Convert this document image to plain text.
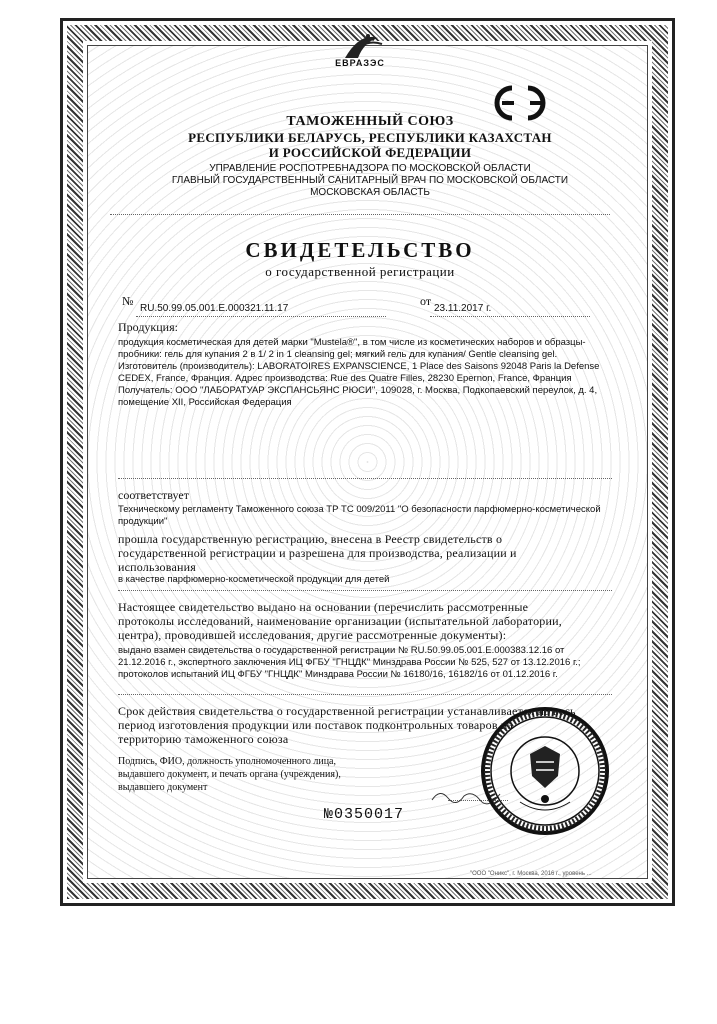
ЕВРАЗЭС
ТАМОЖЕННЫЙ СОЮЗ
РЕСПУБЛИКИ БЕЛАРУСЬ, РЕСПУБЛИКИ КАЗАХСТАН
И РОССИЙСКОЙ ФЕДЕРАЦИИ
УПРАВЛЕНИЕ РОСПОТРЕБНАДЗОРА ПО МОСКОВСКОЙ ОБЛАСТИ
ГЛАВНЫЙ ГОСУДАРСТВЕННЫЙ САНИТАРНЫЙ ВРАЧ ПО МОСКОВСКОЙ ОБЛАСТИ
МОСКОВСКАЯ ОБЛАСТЬ
СВИДЕТЕЛЬСТВО
о государственной регистрации
№
RU.50.99.05.001.Е.000321.11.17
от
23.11.2017 г.
Продукция:
продукция косметическая для детей марки "Mustela®", в том числе из косметических наборов и образцы-
пробники: гель для купания 2 в 1/ 2 in 1 cleansing gel; мягкий гель для купания/ Gentle cleansing gel.
Изготовитель (производитель): LABORATOIRES EXPANSCIENCE, 1 Place des Saisons 92048 Paris la Defense
CEDEX, France, Франция. Адрес производства: Rue des Quatre Filles, 28230 Epernon, France, Франция
Получатель: ООО "ЛАБОРАТУАР ЭКСПАНСЬЯНС РЮСИ", 109028, г. Москва, Подкопаевский переулок, д. 4,
помещение XII, Российская Федерация
соответствует
Техническому регламенту Таможенного союза ТР ТС 009/2011 "О безопасности парфюмерно-косметической
продукции"
прошла государственную регистрацию, внесена в Реестр свидетельств о
государственной регистрации и разрешена для производства, реализации и
использования
в качестве парфюмерно-косметической продукции для детей
Настоящее свидетельство выдано на основании (перечислить рассмотренные
протоколы исследований, наименование организации (испытательной лаборатории,
центра), проводившей исследования, другие рассмотренные документы):
выдано взамен свидетельства о государственной регистрации № RU.50.99.05.001.Е.000383.12.16 от
21.12.2016 г., экспертного заключения ИЦ ФГБУ "ГНЦДК" Минздрава России № 525, 527 от 13.12.2016 г.;
протоколов испытаний ИЦ ФГБУ "ГНЦДК" Минздрава России № 16180/16, 16182/16 от 01.12.2016 г.
Срок действия свидетельства о государственной регистрации устанавливается на весь
период изготовления продукции или поставок подконтрольных товаров на
территорию таможенного союза
Подпись, ФИО, должность уполномоченного лица,
выдавшего документ, и печать органа (учреждения),
выдавшего документ
№0350017
"ООО "Оникс", г. Москва, 2016 г., уровень ...
